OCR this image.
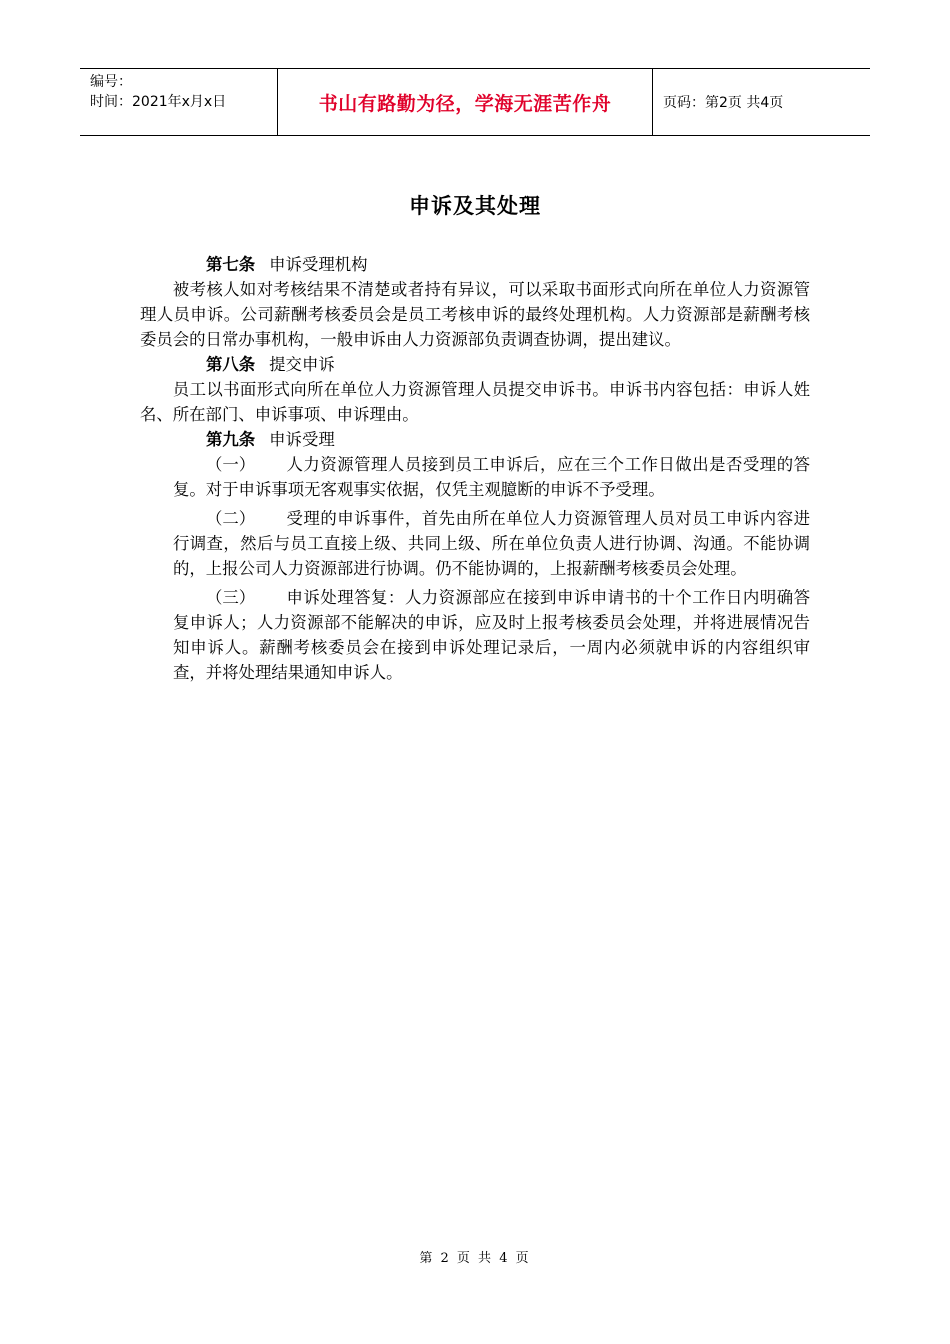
编号：
时间：2021年x月x日	书山有路勤为径，学海无涯苦作舟	页码：第2页 共4页
申诉及其处理

第七条 申诉受理机构

被考核人如对考核结果不清楚或者持有异议，可以采取书面形式向所在单位人力资源管理人员申诉。公司薪酬考核委员会是员工考核申诉的最终处理机构。人力资源部是薪酬考核委员会的日常办事机构，一般申诉由人力资源部负责调查协调，提出建议。

第八条 提交申诉

员工以书面形式向所在单位人力资源管理人员提交申诉书。申诉书内容包括：申诉人姓名、所在部门、申诉事项、申诉理由。

第九条 申诉受理

（一） 人力资源管理人员接到员工申诉后，应在三个工作日做出是否受理的答复。对于申诉事项无客观事实依据，仅凭主观臆断的申诉不予受理。

（二） 受理的申诉事件，首先由所在单位人力资源管理人员对员工申诉内容进行调查，然后与员工直接上级、共同上级、所在单位负责人进行协调、沟通。不能协调的，上报公司人力资源部进行协调。仍不能协调的，上报薪酬考核委员会处理。

（三） 申诉处理答复：人力资源部应在接到申诉申请书的十个工作日内明确答复申诉人；人力资源部不能解决的申诉，应及时上报考核委员会处理，并将进展情况告知申诉人。薪酬考核委员会在接到申诉处理记录后，一周内必须就申诉的内容组织审查，并将处理结果通知申诉人。

第 2 页 共 4 页
